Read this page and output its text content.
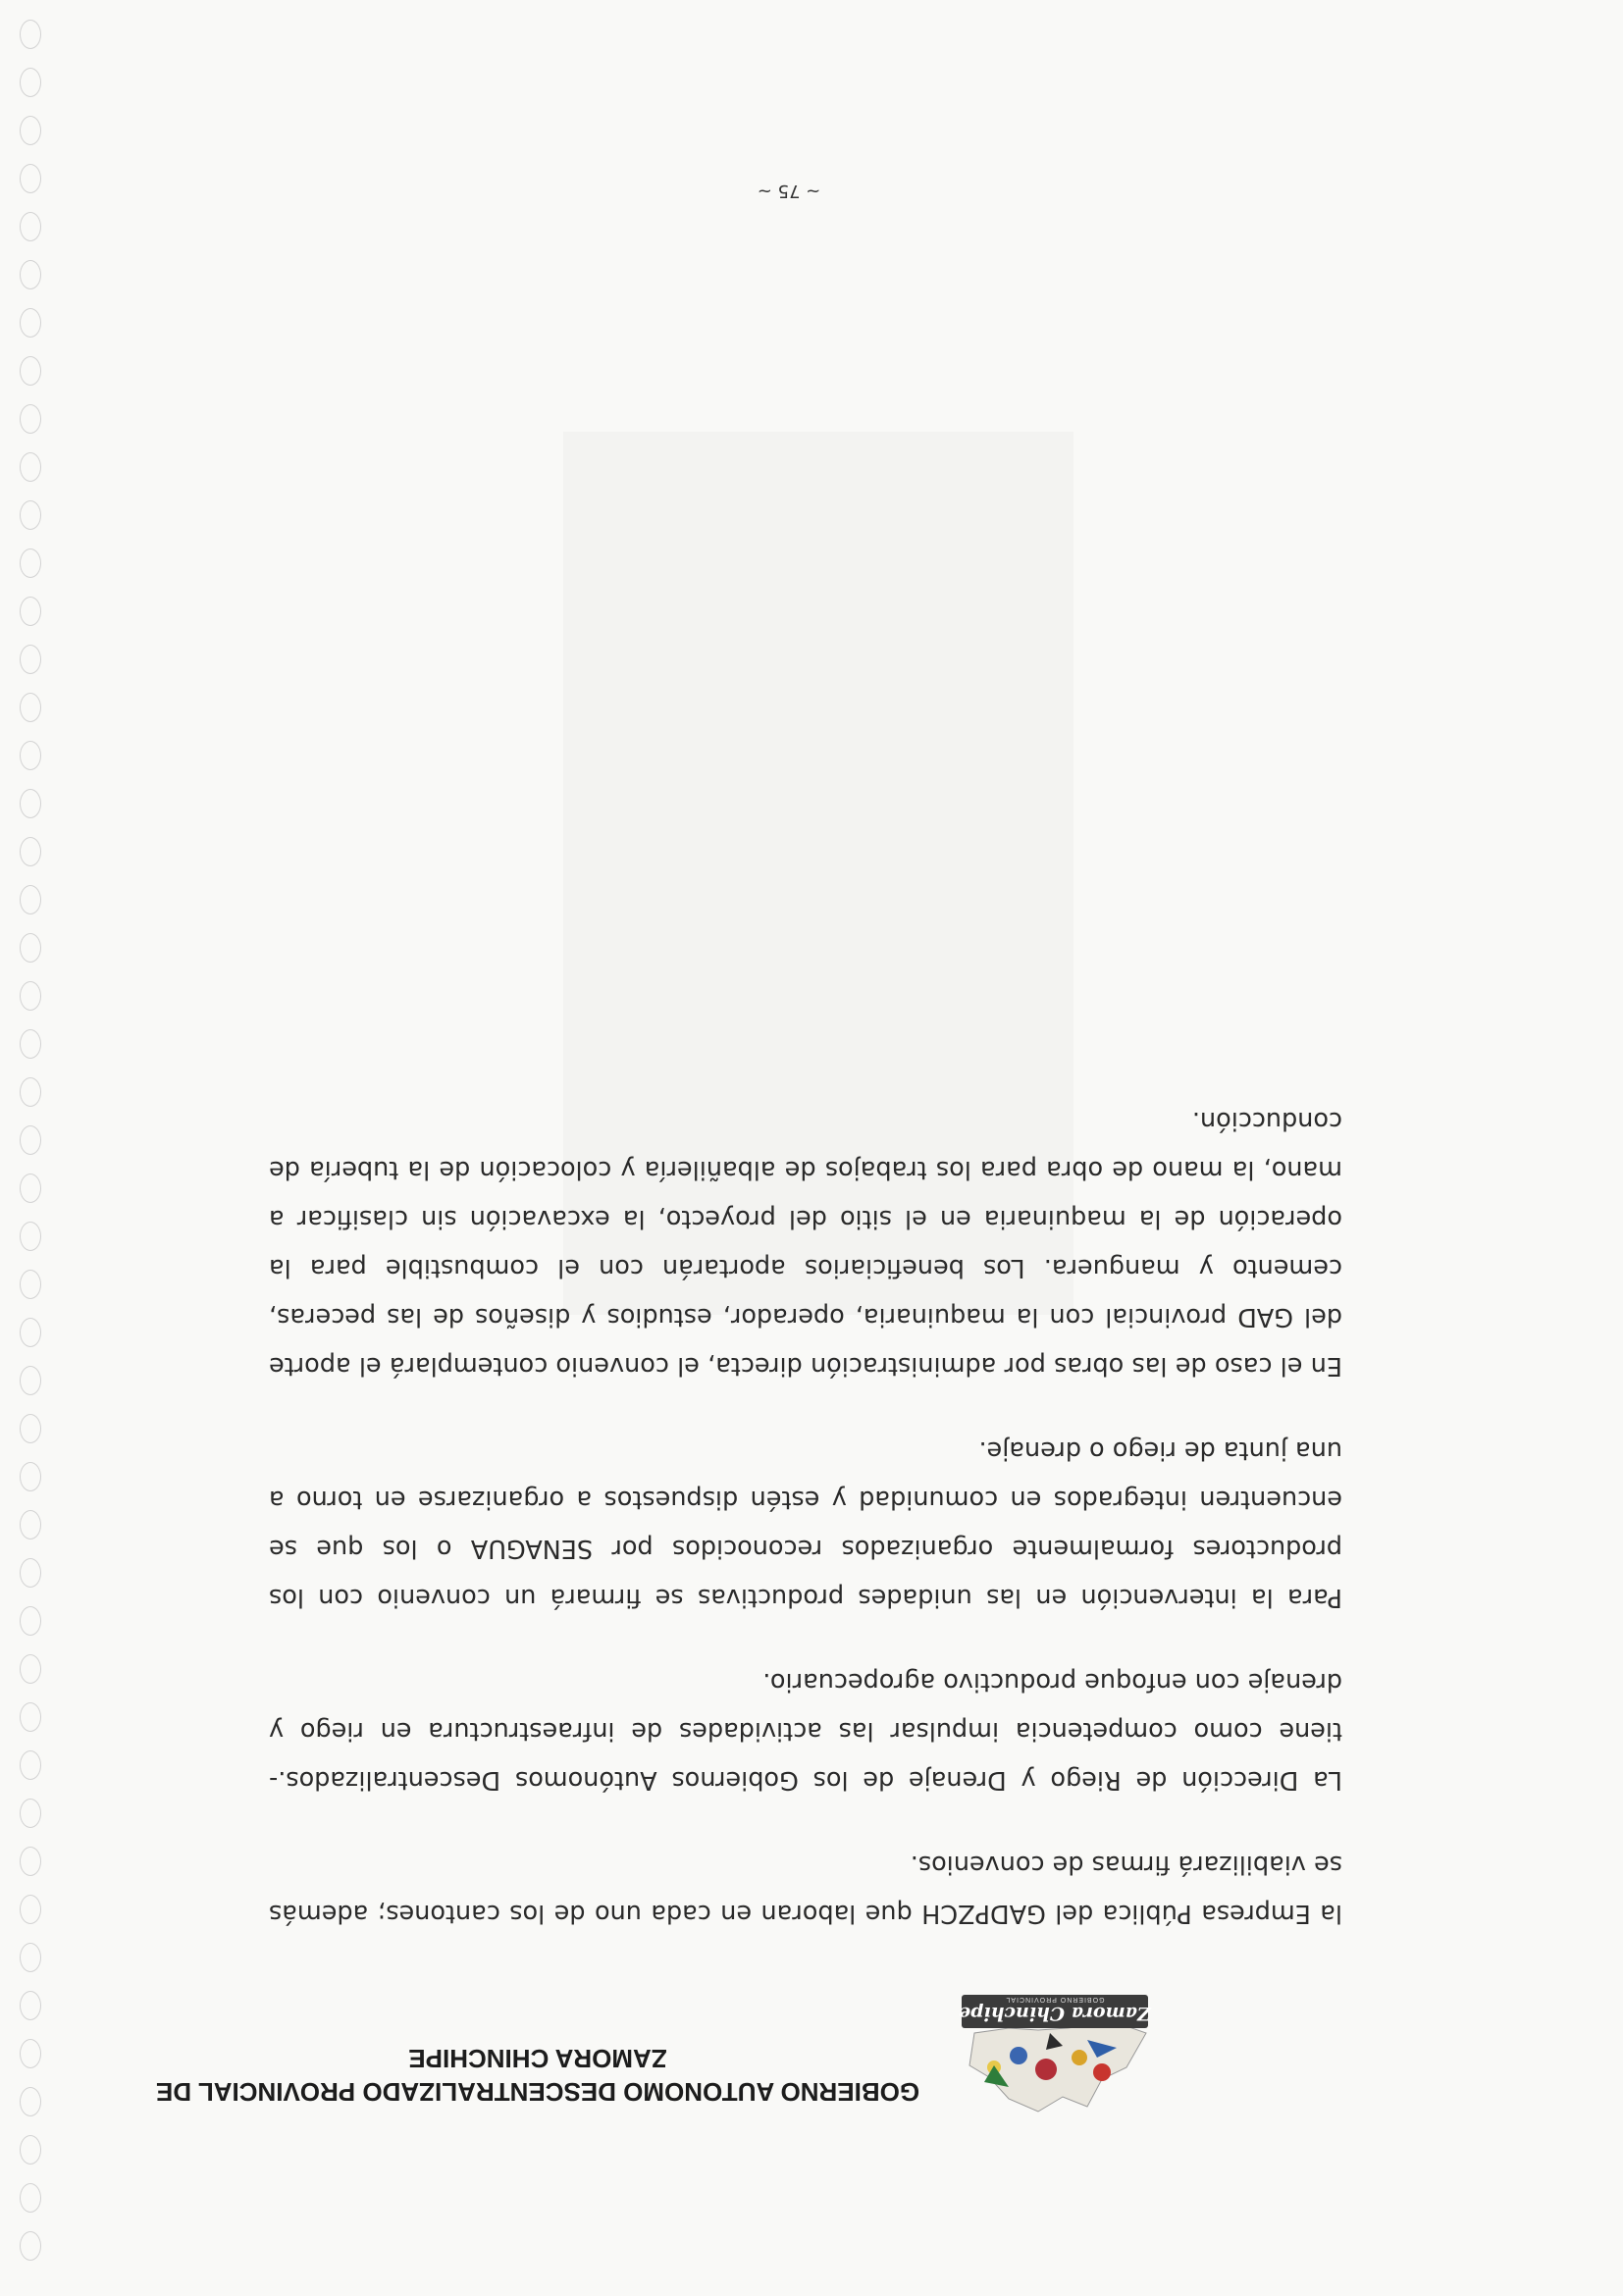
Zamora Chinchipe
GOBIERNO PROVINCIAL
GOBIERNO AUTONOMO DESCENTRALIZADO PROVINCIAL DE
ZAMORA CHINCHIPE

la Empresa Pública del GADPZCH que laboran en cada uno de los cantones; además se viabilizará firmas de convenios.

La Dirección de Riego y Drenaje de los Gobiernos Autónomos Descentralizados.- tiene como competencia impulsar las actividades de infraestructura en riego y drenaje con enfoque productivo agropecuario.

Para la intervención en las unidades productivas se firmará un convenio con los productores formalmente organizados reconocidos por SENAGUA o los que se encuentren integrados en comunidad y estén dispuestos a organizarse en torno a una junta de riego o drenaje.

En el caso de las obras por administración directa, el convenio contemplará el aporte del GAD provincial con la maquinaria, operador, estudios y diseños de las peceras, cemento y manguera. Los beneficiarios aportarán con el combustible para la operación de la maquinaria en el sitio del proyecto, la excavación sin clasificar a mano, la mano de obra para los trabajos de albañilería y colocación de la tubería de conducción.

~ 75 ~
